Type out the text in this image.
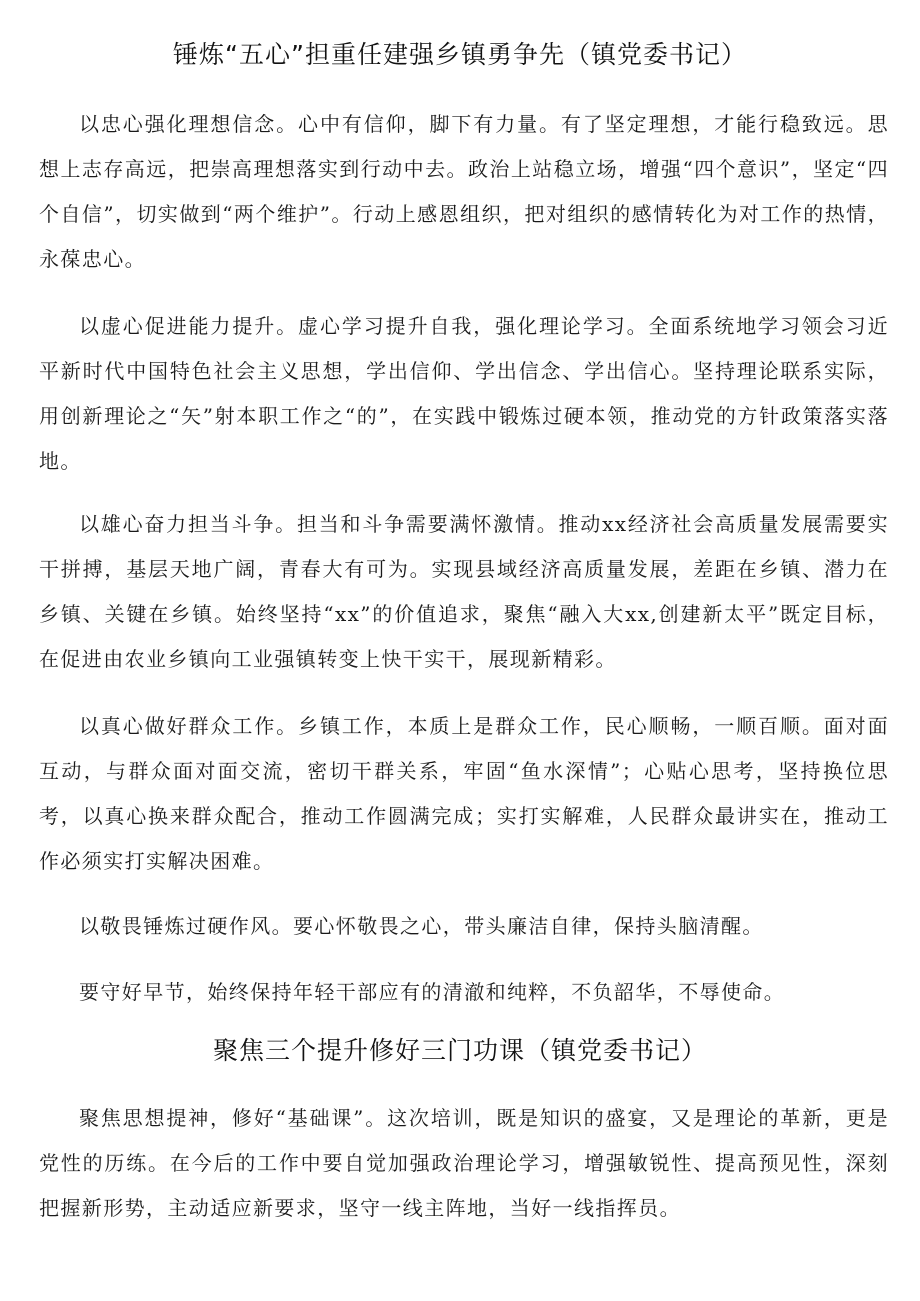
锤炼“五心”担重任建强乡镇勇争先（镇党委书记）

以忠心强化理想信念。心中有信仰，脚下有力量。有了坚定理想，才能行稳致远。思想上志存高远，把崇高理想落实到行动中去。政治上站稳立场，增强“四个意识”，坚定“四个自信”，切实做到“两个维护”。行动上感恩组织，把对组织的感情转化为对工作的热情，永葆忠心。

以虚心促进能力提升。虚心学习提升自我，强化理论学习。全面系统地学习领会习近平新时代中国特色社会主义思想，学出信仰、学出信念、学出信心。坚持理论联系实际，用创新理论之“矢”射本职工作之“的”，在实践中锻炼过硬本领，推动党的方针政策落实落地。

以雄心奋力担当斗争。担当和斗争需要满怀激情。推动xx经济社会高质量发展需要实干拼搏，基层天地广阔，青春大有可为。实现县域经济高质量发展，差距在乡镇、潜力在乡镇、关键在乡镇。始终坚持“xx”的价值追求，聚焦“融入大xx,创建新太平”既定目标，在促进由农业乡镇向工业强镇转变上快干实干，展现新精彩。

以真心做好群众工作。乡镇工作，本质上是群众工作，民心顺畅，一顺百顺。面对面互动，与群众面对面交流，密切干群关系，牢固“鱼水深情”；心贴心思考，坚持换位思考，以真心换来群众配合，推动工作圆满完成；实打实解难，人民群众最讲实在，推动工作必须实打实解决困难。

以敬畏锤炼过硬作风。要心怀敬畏之心，带头廉洁自律，保持头脑清醒。

要守好早节，始终保持年轻干部应有的清澈和纯粹，不负韶华，不辱使命。

聚焦三个提升修好三门功课（镇党委书记）

聚焦思想提神，修好“基础课”。这次培训，既是知识的盛宴，又是理论的革新，更是党性的历练。在今后的工作中要自觉加强政治理论学习，增强敏锐性、提高预见性，深刻把握新形势，主动适应新要求，坚守一线主阵地，当好一线指挥员。
